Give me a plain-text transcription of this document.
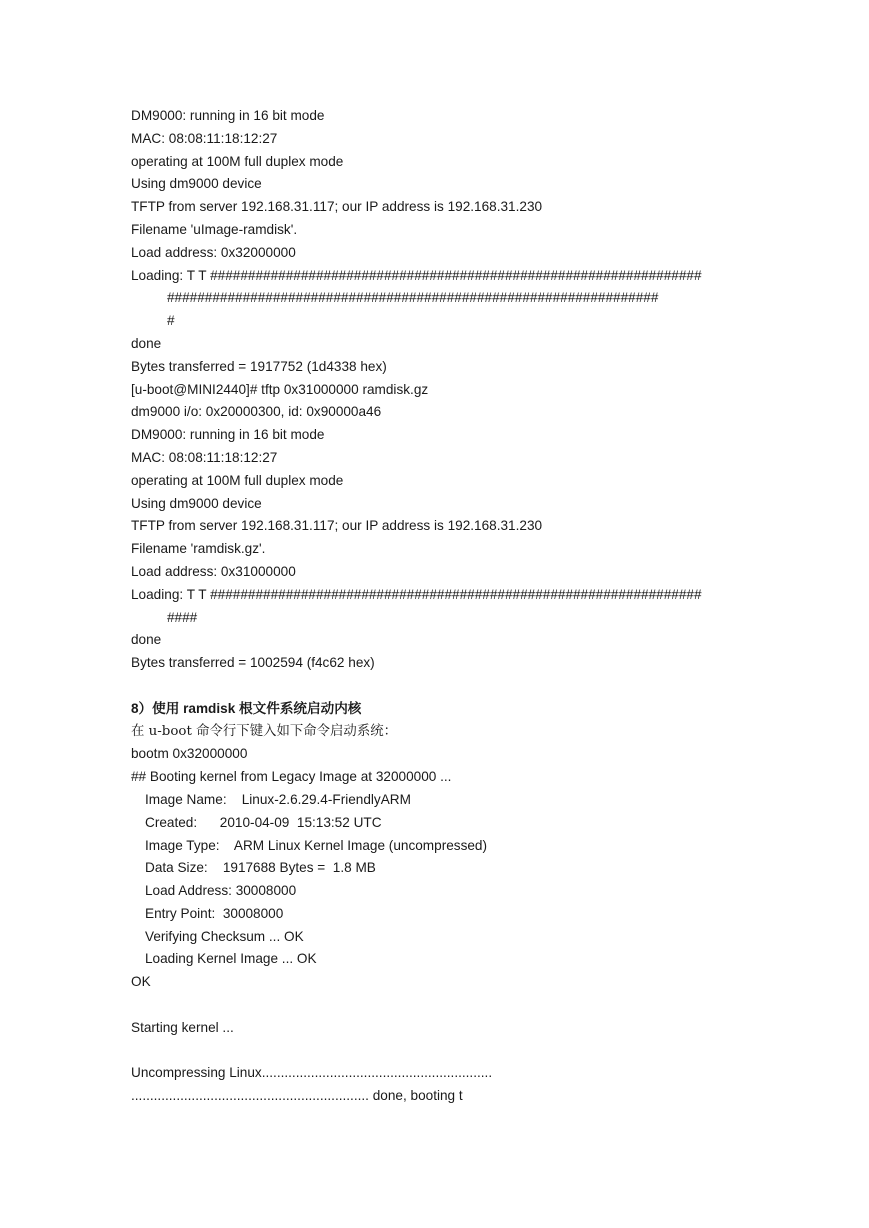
DM9000: running in 16 bit mode
MAC: 08:08:11:18:12:27
operating at 100M full duplex mode
Using dm9000 device
TFTP from server 192.168.31.117; our IP address is 192.168.31.230
Filename 'uImage-ramdisk'.
Load address: 0x32000000
Loading: T T #################################################################
#################################################################
#
done
Bytes transferred = 1917752 (1d4338 hex)
[u-boot@MINI2440]# tftp 0x31000000 ramdisk.gz
dm9000 i/o: 0x20000300, id: 0x90000a46
DM9000: running in 16 bit mode
MAC: 08:08:11:18:12:27
operating at 100M full duplex mode
Using dm9000 device
TFTP from server 192.168.31.117; our IP address is 192.168.31.230
Filename 'ramdisk.gz'.
Load address: 0x31000000
Loading: T T #################################################################
####
done
Bytes transferred = 1002594 (f4c62 hex)
8）使用 ramdisk 根文件系统启动内核
在 u-boot 命令行下键入如下命令启动系统：
bootm 0x32000000
## Booting kernel from Legacy Image at 32000000 ...
Image Name:    Linux-2.6.29.4-FriendlyARM
Created:      2010-04-09  15:13:52 UTC
Image Type:    ARM Linux Kernel Image (uncompressed)
Data Size:    1917688 Bytes =  1.8 MB
Load Address: 30008000
Entry Point:  30008000
Verifying Checksum ... OK
Loading Kernel Image ... OK
OK
Starting kernel ...
Uncompressing Linux.............................................................
............................................................... done, booting t
